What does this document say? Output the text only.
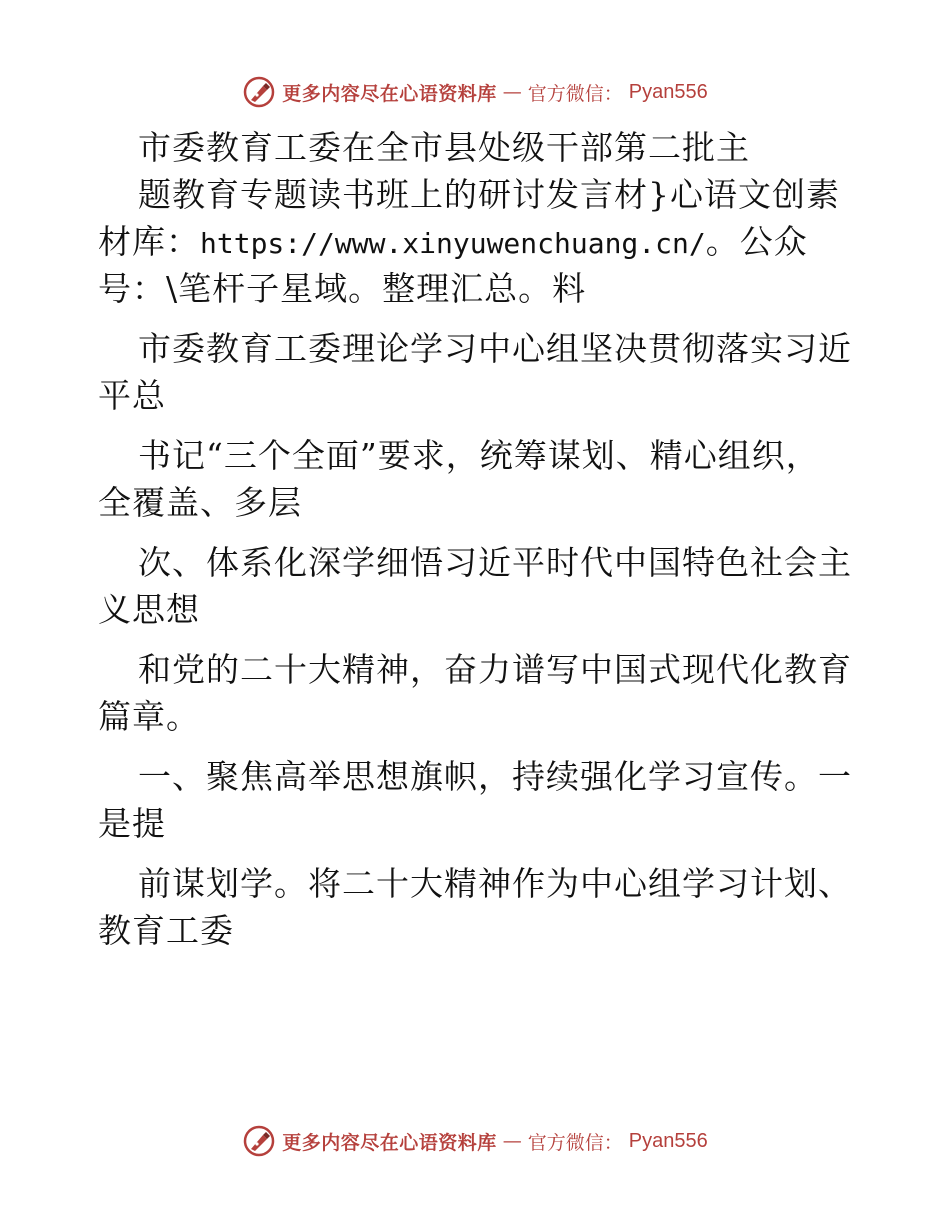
更多内容尽在心语资料库 — 官方微信： Pyan556
市委教育工委在全市县处级干部第二批主
题教育专题读书班上的研讨发言材}心语文创素
材库：https://www.xinyuwenchuang.cn/。公众
号：\笔杆子星域。整理汇总。料
市委教育工委理论学习中心组坚决贯彻落实习近
平总
书记“三个全面”要求，统筹谋划、精心组织，
全覆盖、多层
次、体系化深学细悟习近平时代中国特色社会主
义思想
和党的二十大精神，奋力谱写中国式现代化教育
篇章。
一、聚焦高举思想旗帜，持续强化学习宣传。一
是提
前谋划学。将二十大精神作为中心组学习计划、
教育工委
更多内容尽在心语资料库 — 官方微信： Pyan556
